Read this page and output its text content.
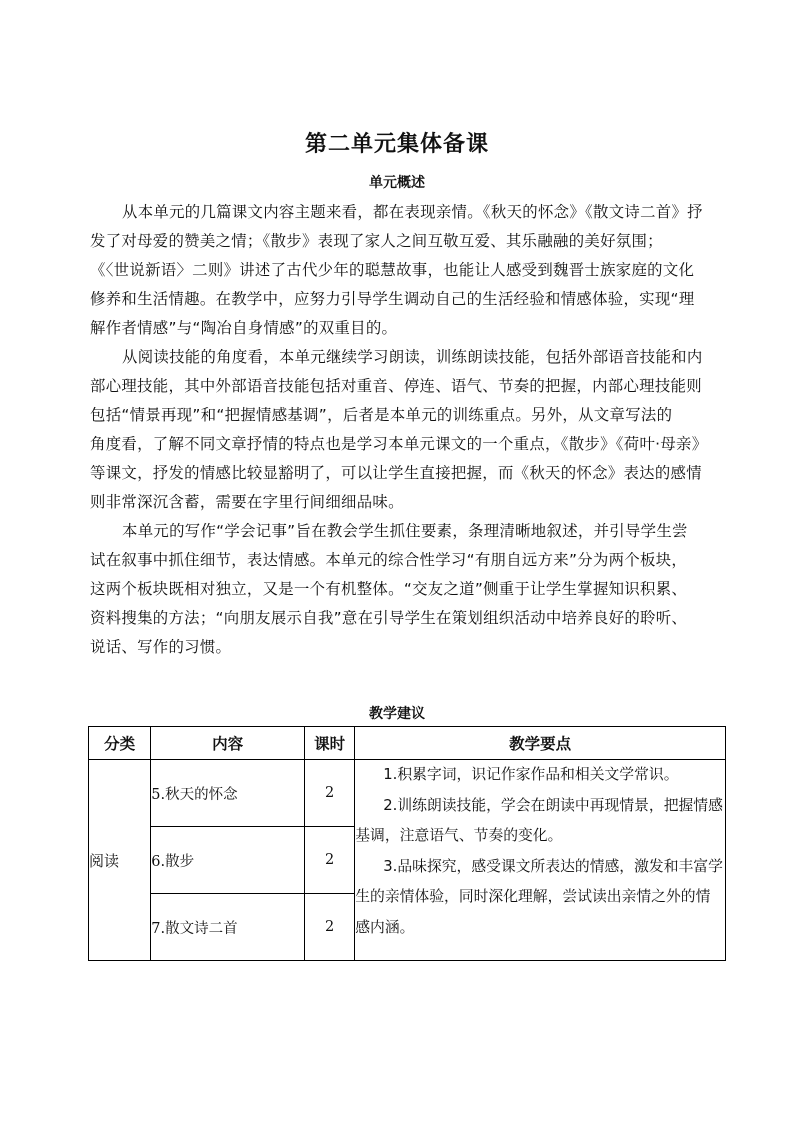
第二单元集体备课
单元概述
从本单元的几篇课文内容主题来看，都在表现亲情。《秋天的怀念》《散文诗二首》抒
发了对母爱的赞美之情；《散步》表现了家人之间互敬互爱、其乐融融的美好氛围；
《〈世说新语〉二则》讲述了古代少年的聪慧故事，也能让人感受到魏晋士族家庭的文化
修养和生活情趣。在教学中，应努力引导学生调动自己的生活经验和情感体验，实现“理
解作者情感”与“陶冶自身情感”的双重目的。
从阅读技能的角度看，本单元继续学习朗读，训练朗读技能，包括外部语音技能和内
部心理技能，其中外部语音技能包括对重音、停连、语气、节奏的把握，内部心理技能则
包括“情景再现”和“把握情感基调”，后者是本单元的训练重点。另外，从文章写法的
角度看，了解不同文章抒情的特点也是学习本单元课文的一个重点，《散步》《荷叶·母亲》
等课文，抒发的情感比较显豁明了，可以让学生直接把握，而《秋天的怀念》表达的感情
则非常深沉含蓄，需要在字里行间细细品味。
本单元的写作“学会记事”旨在教会学生抓住要素，条理清晰地叙述，并引导学生尝
试在叙事中抓住细节，表达情感。本单元的综合性学习“有朋自远方来”分为两个板块，
这两个板块既相对独立，又是一个有机整体。“交友之道”侧重于让学生掌握知识积累、
资料搜集的方法；“向朋友展示自我”意在引导学生在策划组织活动中培养良好的聆听、
说话、写作的习惯。
教学建议
分类	内容	课时	教学要点
阅读	5.秋天的怀念	2	1.积累字词，识记作家作品和相关文学常识。
2.训练朗读技能，学会在朗读中再现情景，把握情感基调，注意语气、节奏的变化。
3.品味探究，感受课文所表达的情感，激发和丰富学生的亲情体验，同时深化理解，尝试读出亲情之外的情感内涵。

	6.散步	2	
	7.散文诗二首	2	
